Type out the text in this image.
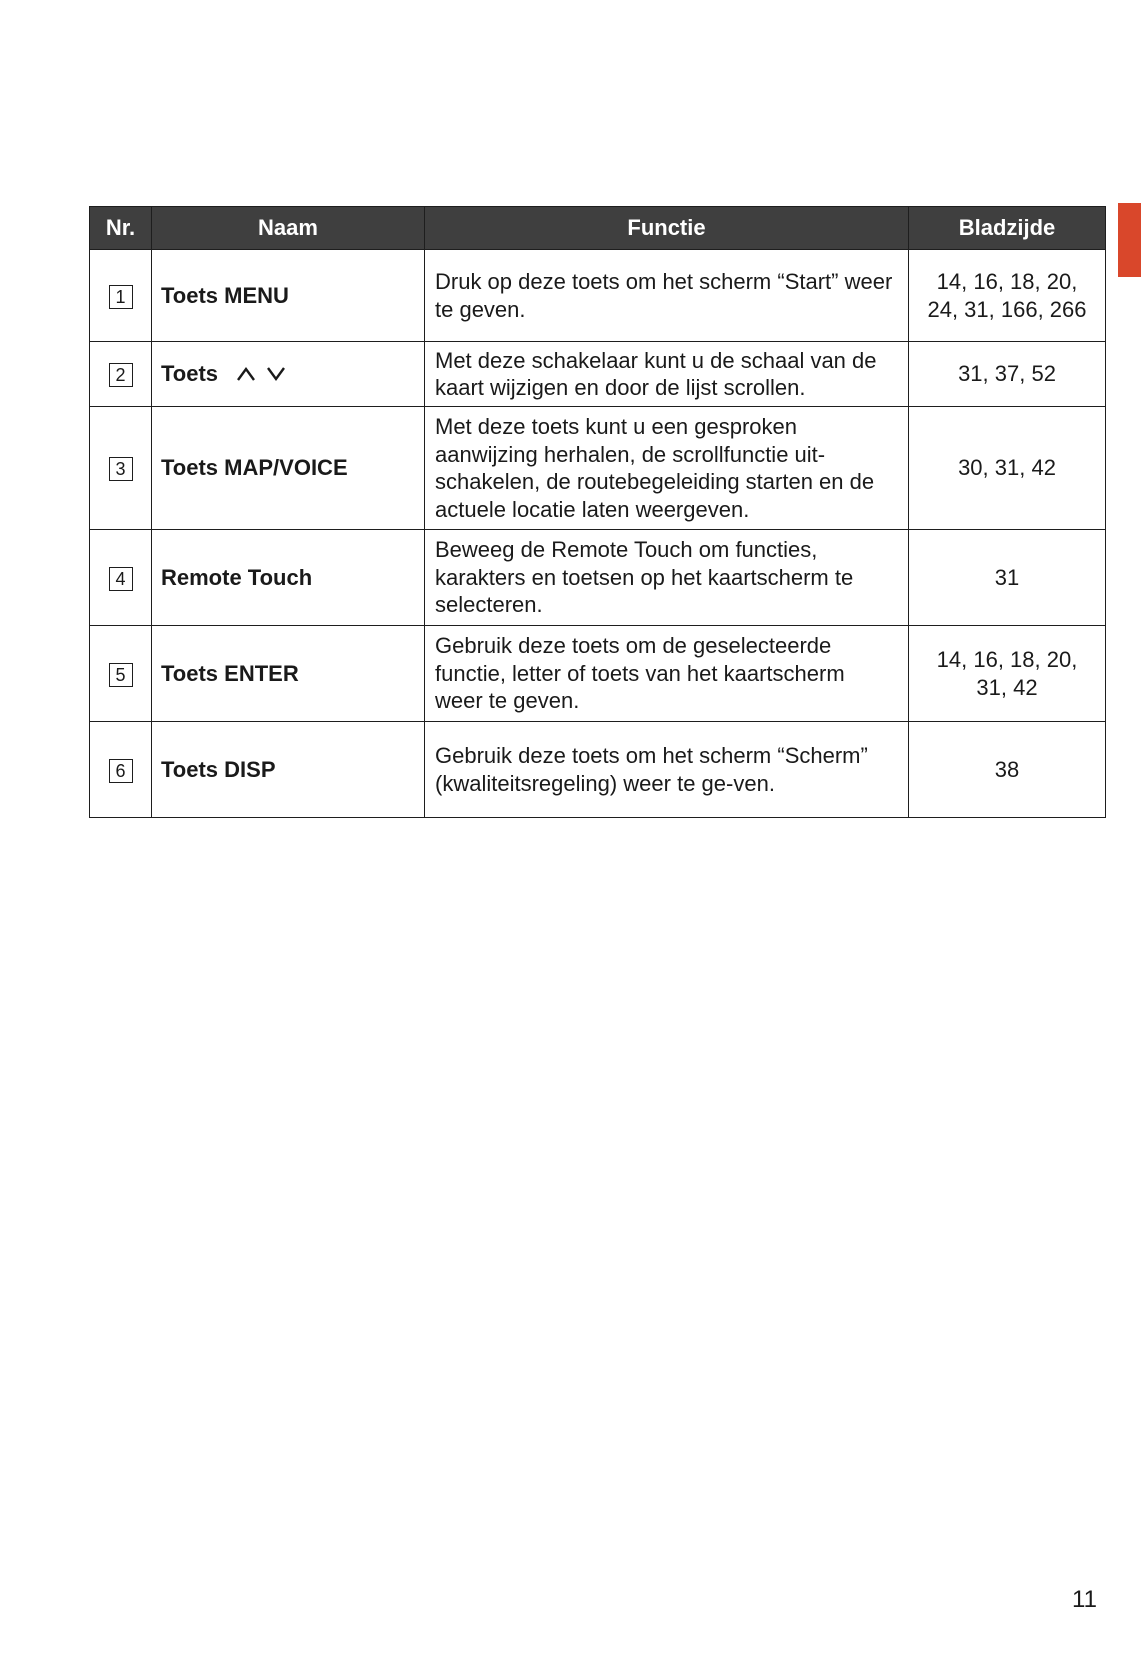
Nr.	Naam	Functie	Bladzijde
1	Toets MENU	Druk op deze toets om het scherm “Start” weer te geven.	14, 16, 18, 20, 24, 31, 166, 266
2	Toets	Met deze schakelaar kunt u de schaal van de kaart wijzigen en door de lijst scrollen.	31, 37, 52
3	Toets MAP/VOICE	Met deze toets kunt u een gesproken aanwijzing herhalen, de scrollfunctie uit-schakelen, de routebegeleiding starten en de actuele locatie laten weergeven.	30, 31, 42
4	Remote Touch	Beweeg de Remote Touch om functies, karakters en toetsen op het kaartscherm te selecteren.	31
5	Toets ENTER	Gebruik deze toets om de geselecteerde functie, letter of toets van het kaartscherm weer te geven.	14, 16, 18, 20, 31, 42
6	Toets DISP	Gebruik deze toets om het scherm “Scherm” (kwaliteitsregeling) weer te ge-ven.	38
11
